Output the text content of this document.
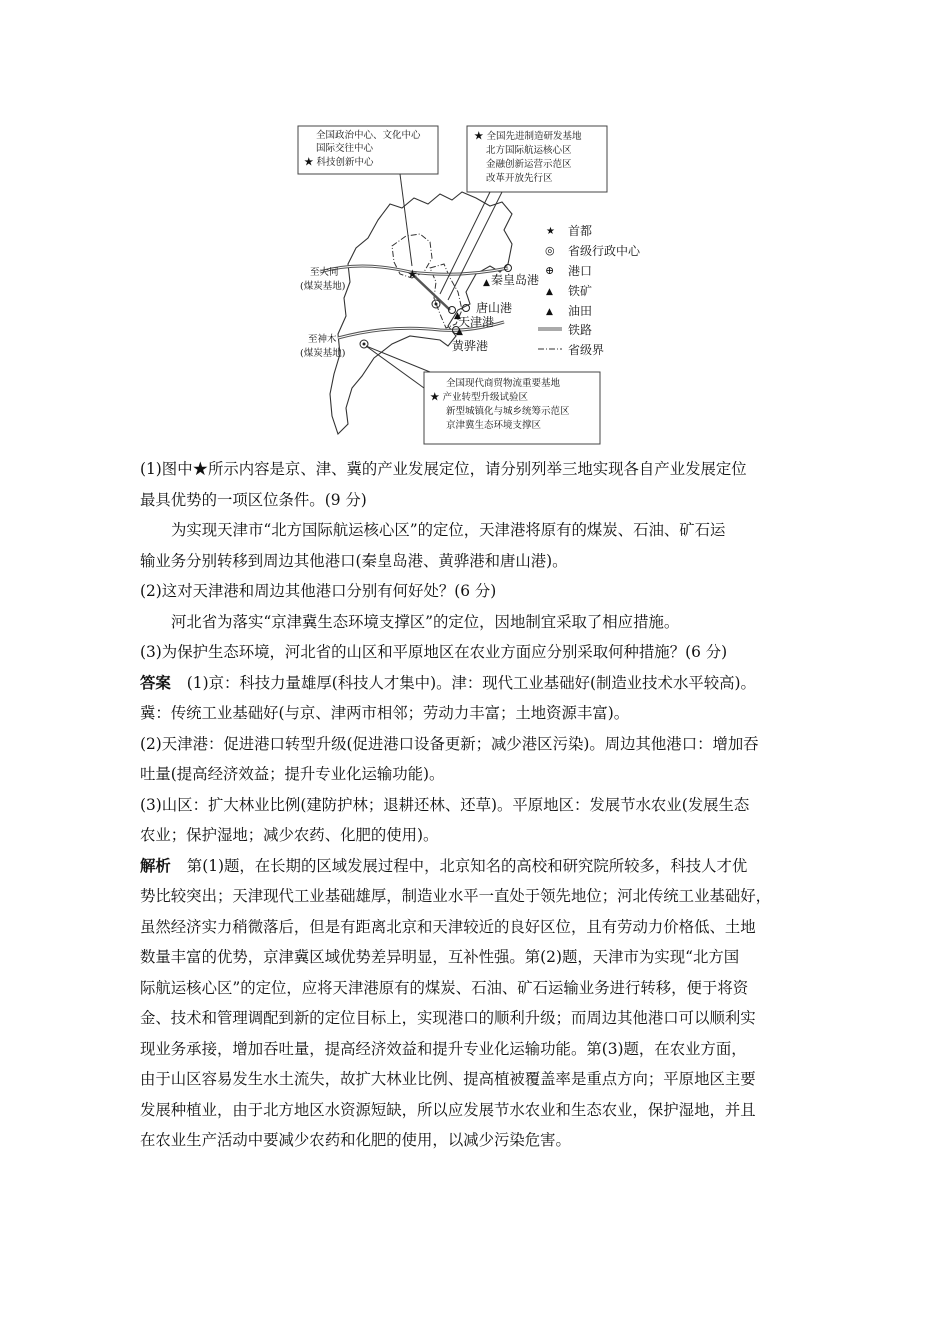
全国政治中心、文化中心
国际交往中心
★ 科技创新中心
★ 全国先进制造研发基地
北方国际航运核心区
金融创新运营示范区
改革开放先行区
全国现代商贸物流重要基地
★ 产业转型升级试验区
新型城镇化与城乡统筹示范区
京津冀生态环境支撑区
★
▲
▲
▲
秦皇岛港
唐山港
天津港
黄骅港
至大同
(煤炭基地)
至神木
(煤炭基地)
★ 首都
◎ 省级行政中心
⊕ 港口
▲ 铁矿
▲ 油田
铁路
省级界

(1)图中★所示内容是京、津、冀的产业发展定位，请分别列举三地实现各自产业发展定位

最具优势的一项区位条件。(9 分)

为实现天津市“北方国际航运核心区”的定位，天津港将原有的煤炭、石油、矿石运

输业务分别转移到周边其他港口(秦皇岛港、黄骅港和唐山港)。

(2)这对天津港和周边其他港口分别有何好处？(6 分)

河北省为落实“京津冀生态环境支撑区”的定位，因地制宜采取了相应措施。

(3)为保护生态环境，河北省的山区和平原地区在农业方面应分别采取何种措施？(6 分)

答案 (1)京：科技力量雄厚(科技人才集中)。津：现代工业基础好(制造业技术水平较高)。

冀：传统工业基础好(与京、津两市相邻；劳动力丰富；土地资源丰富)。

(2)天津港：促进港口转型升级(促进港口设备更新；减少港区污染)。周边其他港口：增加吞

吐量(提高经济效益；提升专业化运输功能)。

(3)山区：扩大林业比例(建防护林；退耕还林、还草)。平原地区：发展节水农业(发展生态

农业；保护湿地；减少农药、化肥的使用)。

解析 第(1)题，在长期的区域发展过程中，北京知名的高校和研究院所较多，科技人才优

势比较突出；天津现代工业基础雄厚，制造业水平一直处于领先地位；河北传统工业基础好，

虽然经济实力稍微落后，但是有距离北京和天津较近的良好区位，且有劳动力价格低、土地

数量丰富的优势，京津冀区域优势差异明显，互补性强。第(2)题，天津市为实现“北方国

际航运核心区”的定位，应将天津港原有的煤炭、石油、矿石运输业务进行转移，便于将资

金、技术和管理调配到新的定位目标上，实现港口的顺利升级；而周边其他港口可以顺利实

现业务承接，增加吞吐量，提高经济效益和提升专业化运输功能。第(3)题，在农业方面，

由于山区容易发生水土流失，故扩大林业比例、提高植被覆盖率是重点方向；平原地区主要

发展种植业，由于北方地区水资源短缺，所以应发展节水农业和生态农业，保护湿地，并且

在农业生产活动中要减少农药和化肥的使用，以减少污染危害。
